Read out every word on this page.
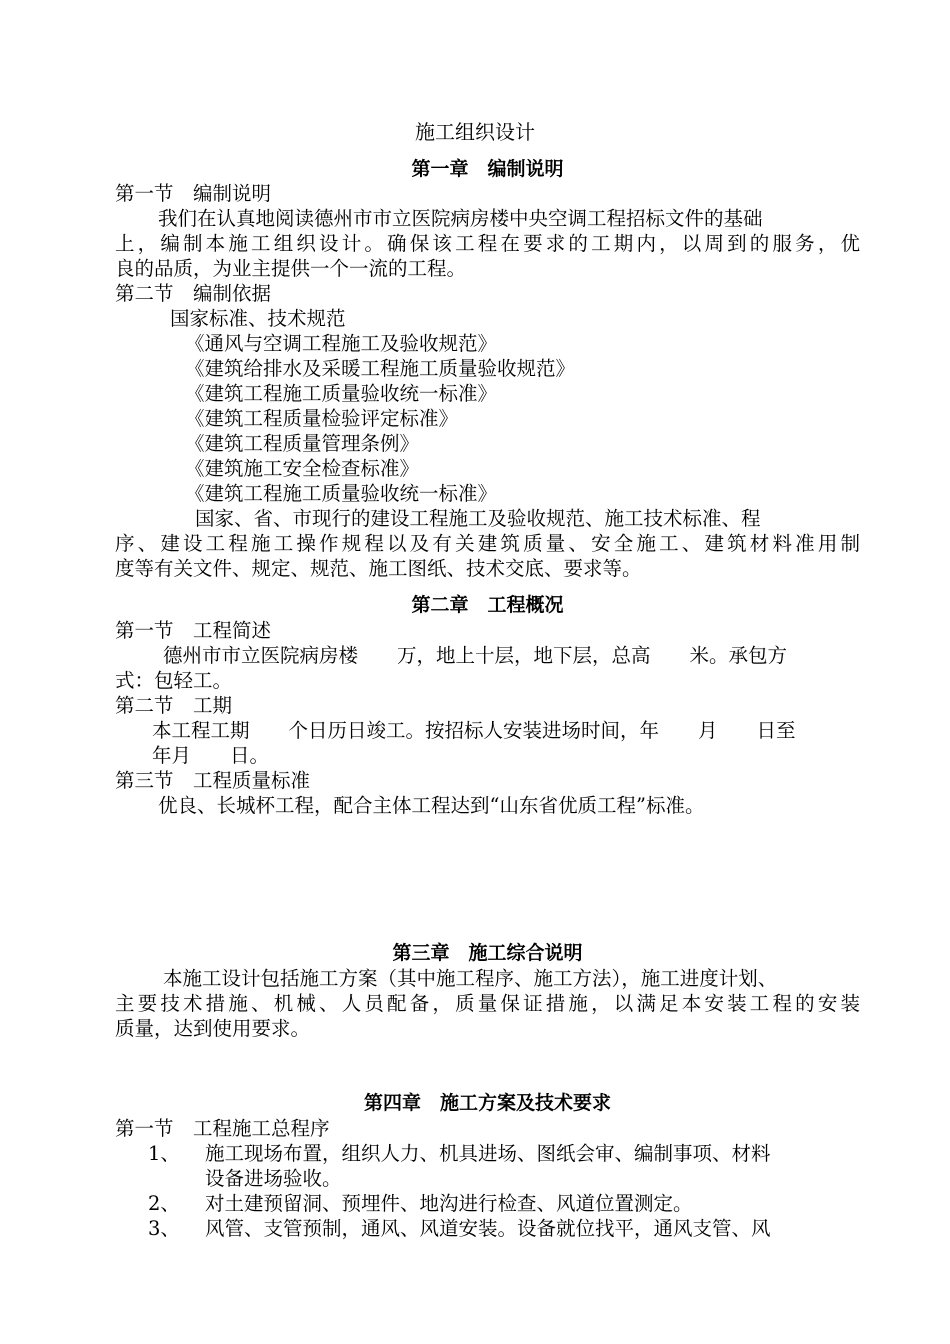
施工组织设计
第一章　编制说明
第一节　编制说明
我们在认真地阅读德州市市立医院病房楼中央空调工程招标文件的基础
上，编制本施工组织设计。确保该工程在要求的工期内，以周到的服务，优
良的品质，为业主提供一个一流的工程。
第二节　编制依据
国家标准、技术规范
《通风与空调工程施工及验收规范》
《建筑给排水及采暖工程施工质量验收规范》
《建筑工程施工质量验收统一标准》
《建筑工程质量检验评定标准》
《建筑工程质量管理条例》
《建筑施工安全检查标准》
《建筑工程施工质量验收统一标准》
国家、省、市现行的建设工程施工及验收规范、施工技术标准、程
序、建设工程施工操作规程以及有关建筑质量、安全施工、建筑材料准用制
度等有关文件、规定、规范、施工图纸、技术交底、要求等。
第二章　工程概况
第一节　工程简述
德州市市立医院病房楼　　万，地上十层，地下层，总高　　米。承包方
式：包轻工。
第二节　工期
本工程工期　　个日历日竣工。按招标人安装进场时间，年　　月　　日至
年月　　日。
第三节　工程质量标准
优良、长城杯工程，配合主体工程达到“山东省优质工程”标准。
第三章　施工综合说明
本施工设计包括施工方案（其中施工程序、施工方法），施工进度计划、
主要技术措施、机械、人员配备，质量保证措施，以满足本安装工程的安装
质量，达到使用要求。
第四章　施工方案及技术要求
第一节　工程施工总程序
1、 施工现场布置，组织人力、机具进场、图纸会审、编制事项、材料
设备进场验收。
2、 对土建预留洞、预埋件、地沟进行检查、风道位置测定。
3、 风管、支管预制，通风、风道安装。设备就位找平，通风支管、风
